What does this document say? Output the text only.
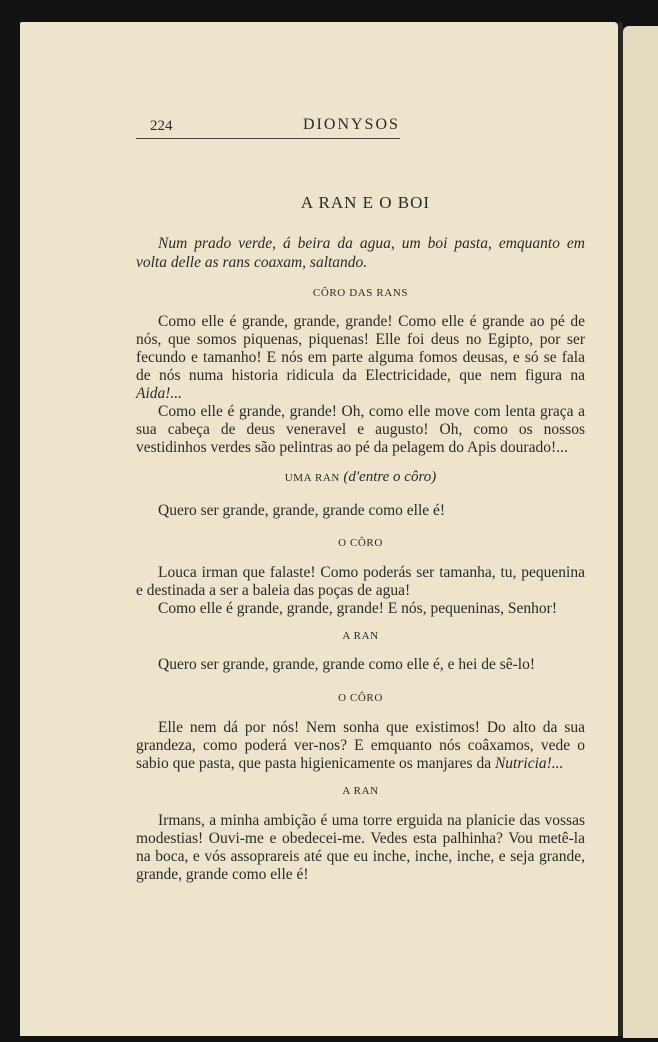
224	DIONYSOS
A RAN E O BOI

Num prado verde, á beira da agua, um boi pasta, emquanto em volta delle as rans coaxam, saltando.

CÔRO DAS RANS

Como elle é grande, grande, grande! Como elle é grande ao pé de nós, que somos piquenas, piquenas! Elle foi deus no Egipto, por ser fecundo e tamanho! E nós em parte alguma fomos deusas, e só se fala de nós numa historia ridicula da Electricidade, que nem figura na Aida!...

Como elle é grande, grande! Oh, como elle move com lenta graça a sua cabeça de deus veneravel e augusto! Oh, como os nossos vestidinhos verdes são pelintras ao pé da pelagem do Apis dourado!...

UMA RAN (d'entre o côro)

Quero ser grande, grande, grande como elle é!

O CÔRO

Louca irman que falaste! Como poderás ser tamanha, tu, pequenina e destinada a ser a baleia das poças de agua!

Como elle é grande, grande, grande! E nós, pequeninas, Senhor!

A RAN

Quero ser grande, grande, grande como elle é, e hei de sê-lo!

O CÔRO

Elle nem dá por nós! Nem sonha que existimos! Do alto da sua grandeza, como poderá ver-nos? E emquanto nós coâxamos, vede o sabio que pasta, que pasta higienicamente os manjares da Nutricia!...

A RAN

Irmans, a minha ambição é uma torre erguida na planicie das vossas modestias! Ouvi-me e obedecei-me. Vedes esta palhinha? Vou metê-la na boca, e vós assoprareis até que eu inche, inche, inche, e seja grande, grande, grande como elle é!
